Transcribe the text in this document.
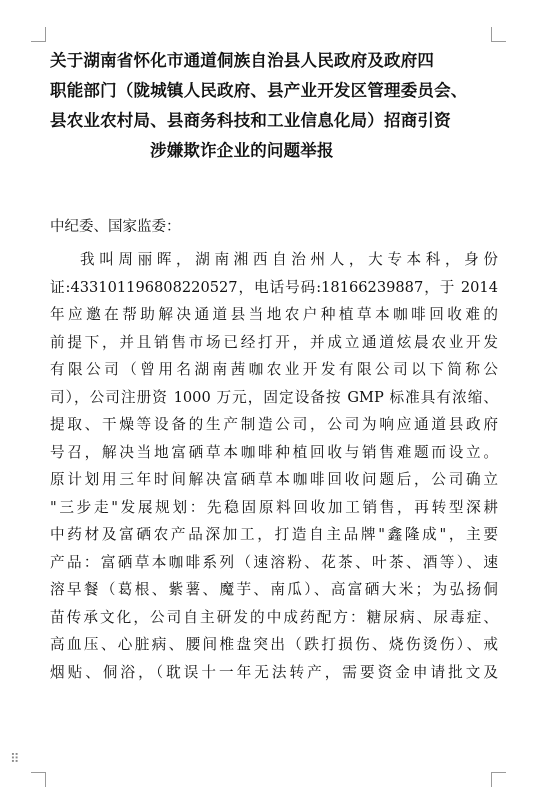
关于湖南省怀化市通道侗族自治县人民政府及政府四
职能部门（陇城镇人民政府、县产业开发区管理委员会、
县农业农村局、县商务科技和工业信息化局）招商引资
涉嫌欺诈企业的问题举报
中纪委、国家监委：
我叫周丽晖，湖南湘西自治州人，大专本科，身份
证:433101196808220527，电话号码:18166239887，于 2014
年应邀在帮助解决通道县当地农户种植草本咖啡回收难的
前提下，并且销售市场已经打开，并成立通道炫晨农业开发
有限公司（曾用名湖南茜咖农业开发有限公司以下简称公
司），公司注册资 1000 万元，固定设备按 GMP 标准具有浓缩、
提取、干燥等设备的生产制造公司，公司为响应通道县政府
号召，解决当地富硒草本咖啡种植回收与销售难题而设立。
原计划用三年时间解决富硒草本咖啡回收问题后，公司确立
"三步走"发展规划：先稳固原料回收加工销售，再转型深耕
中药材及富硒农产品深加工，打造自主品牌"鑫隆成"，主要
产品：富硒草本咖啡系列（速溶粉、花茶、叶茶、酒等）、速
溶早餐（葛根、紫薯、魔芋、南瓜）、高富硒大米；为弘扬侗
苗传承文化，公司自主研发的中成药配方：糖尿病、尿毒症、
高血压、心脏病、腰间椎盘突出（跌打损伤、烧伤烫伤）、戒
烟贴、侗浴，（耽误十一年无法转产，需要资金申请批文及
⠿
